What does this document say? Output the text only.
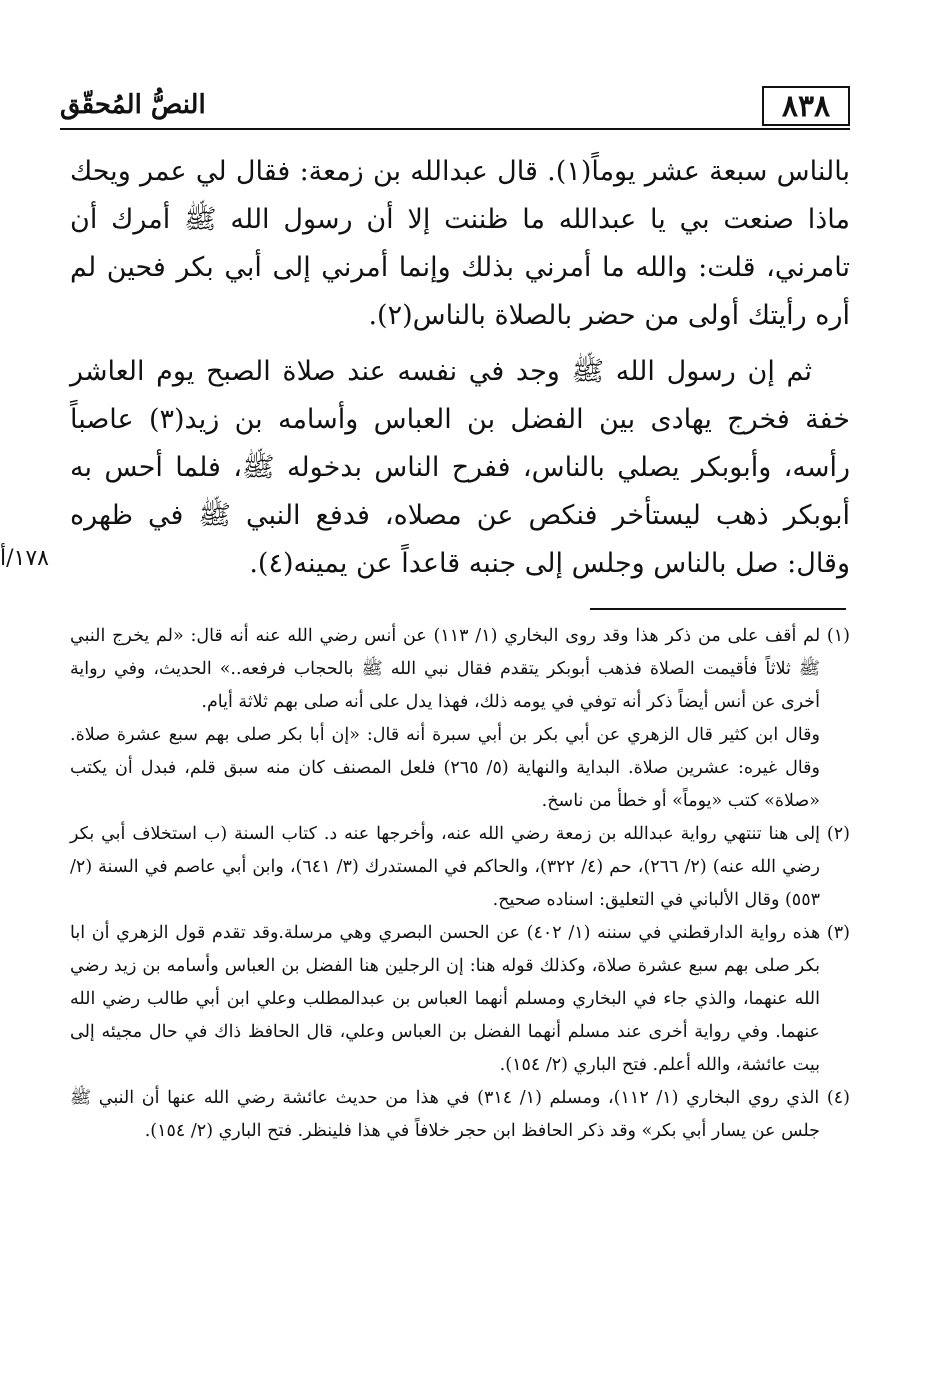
٨٣٨
النصُّ المُحقّق

بالناس سبعة عشر يوماً(١). قال عبدالله بن زمعة: فقال لي عمر ويحك ماذا صنعت بي يا عبدالله ما ظننت إلا أن رسول الله ﷺ أمرك أن تامرني، قلت: والله ما أمرني بذلك وإنما أمرني إلى أبي بكر فحين لم أره رأيتك أولى من حضر بالصلاة بالناس(٢).

ثم إن رسول الله ﷺ وجد في نفسه عند صلاة الصبح يوم العاشر خفة فخرج يهادى بين الفضل بن العباس وأسامه بن زيد(٣) عاصباً رأسه، وأبوبكر يصلي بالناس، ففرح الناس بدخوله ﷺ، فلما أحس به أبوبكر ذهب ليستأخر فنكص عن مصلاه، فدفع النبي ﷺ في ظهره وقال: صل بالناس وجلس إلى جنبه قاعداً عن يمينه(٤).

١٧٨/أ

(١) لم أقف على من ذكر هذا وقد روى البخاري (١/ ١١٣) عن أنس رضي الله عنه أنه قال: «لم يخرج النبي ﷺ ثلاثاً فأقيمت الصلاة فذهب أبوبكر يتقدم فقال نبي الله ﷺ بالحجاب فرفعه..» الحديث، وفي رواية أخرى عن أنس أيضاً ذكر أنه توفي في يومه ذلك، فهذا يدل على أنه صلى بهم ثلاثة أيام.

وقال ابن كثير قال الزهري عن أبي بكر بن أبي سبرة أنه قال: «إن أبا بكر صلى بهم سبع عشرة صلاة. وقال غيره: عشرين صلاة. البداية والنهاية (٥/ ٢٦٥) فلعل المصنف كان منه سبق قلم، فبدل أن يكتب «صلاة» كتب «يوماً» أو خطأ من ناسخ.

(٢) إلى هنا تنتهي رواية عبدالله بن زمعة رضي الله عنه، وأخرجها عنه د. كتاب السنة (ب استخلاف أبي بكر رضي الله عنه) (٢/ ٢٦٦)، حم (٤/ ٣٢٢)، والحاكم في المستدرك (٣/ ٦٤١)، وابن أبي عاصم في السنة (٢/ ٥٥٣) وقال الألباني في التعليق: اسناده صحيح.

(٣) هذه رواية الدارقطني في سننه (١/ ٤٠٢) عن الحسن البصري وهي مرسلة.وقد تقدم قول الزهري أن ابا بكر صلى بهم سبع عشرة صلاة، وكذلك قوله هنا: إن الرجلين هنا الفضل بن العباس وأسامه بن زيد رضي الله عنهما، والذي جاء في البخاري ومسلم أنهما العباس بن عبدالمطلب وعلي ابن أبي طالب رضي الله عنهما. وفي رواية أخرى عند مسلم أنهما الفضل بن العباس وعلي، قال الحافظ ذاك في حال مجيئه إلى بيت عائشة، والله أعلم. فتح الباري (٢/ ١٥٤).

(٤) الذي روي البخاري (١/ ١١٢)، ومسلم (١/ ٣١٤) في هذا من حديث عائشة رضي الله عنها أن النبي ﷺ جلس عن يسار أبي بكر» وقد ذكر الحافظ ابن حجر خلافاً في هذا فلينظر. فتح الباري (٢/ ١٥٤).
